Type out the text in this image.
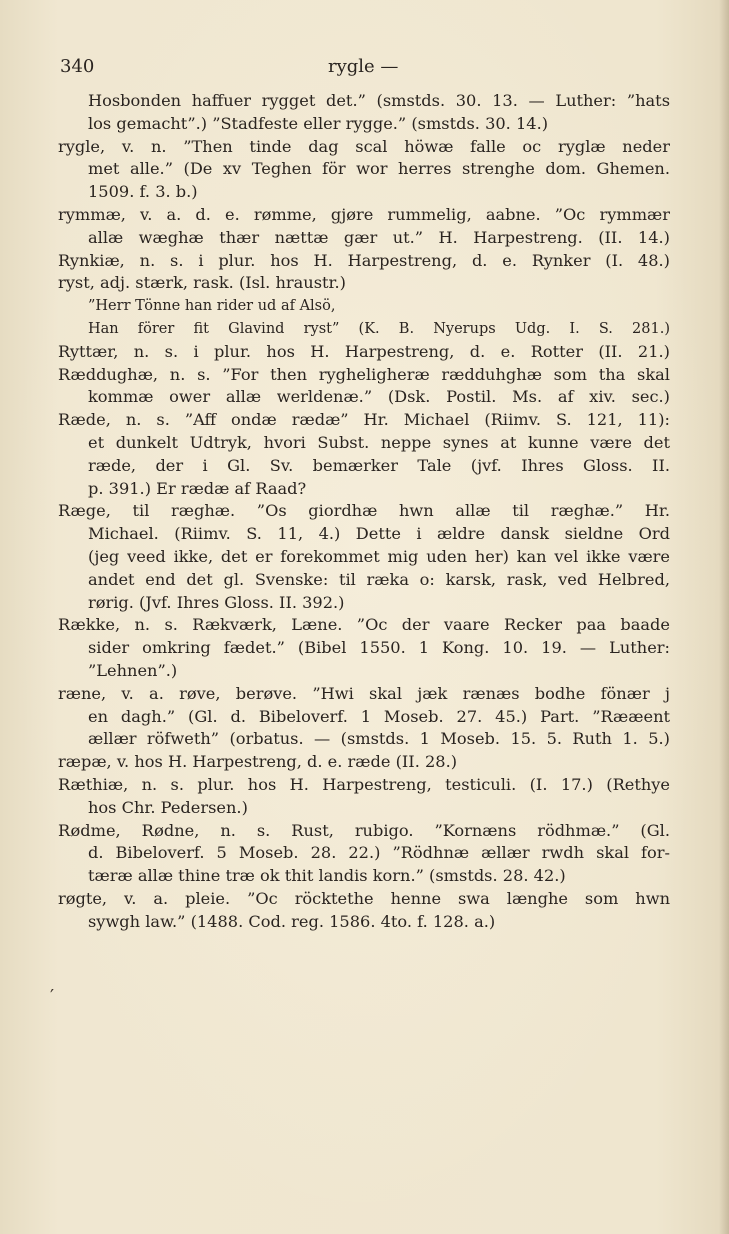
340	rygle —
′
Hosbonden haffuer rygget det.” (smstds. 30. 13. — Luther: ”hats
los gemacht”.) ”Stadfeste eller rygge.” (smstds. 30. 14.)
rygle, v. n. ”Then tinde dag scal höwæ falle oc ryglæ neder
met alle.” (De xv Teghen för wor herres strenghe dom. Ghemen.
1509. f. 3. b.)
rymmæ, v. a. d. e. rømme, gjøre rummelig, aabne. ”Oc rymmær
allæ wæghæ thær nættæ gær ut.” H. Harpestreng. (II. 14.)
Rynkiæ, n. s. i plur. hos H. Harpestreng, d. e. Rynker (I. 48.)
ryst, adj. stærk, rask. (Isl. hraustr.)
”Herr Tönne han rider ud af Alsö,
Han förer fit Glavind ryst” (K. B. Nyerups Udg. I. S. 281.)
Ryttær, n. s. i plur. hos H. Harpestreng, d. e. Rotter (II. 21.)
Ræddughæ, n. s. ”For then rygheligheræ rædduhghæ som tha skal
kommæ ower allæ werldenæ.” (Dsk. Postil. Ms. af xiv. sec.)
Ræde, n. s. ”Aff ondæ rædæ” Hr. Michael (Riimv. S. 121, 11):
et dunkelt Udtryk, hvori Subst. neppe synes at kunne være det
ræde, der i Gl. Sv. bemærker Tale (jvf. Ihres Gloss. II.
p. 391.) Er rædæ af Raad?
Ræge, til ræghæ. ”Os giordhæ hwn allæ til ræghæ.” Hr.
Michael. (Riimv. S. 11, 4.) Dette i ældre dansk sieldne Ord
(jeg veed ikke, det er forekommet mig uden her) kan vel ikke være
andet end det gl. Svenske: til ræka o: karsk, rask, ved Helbred,
rørig. (Jvf. Ihres Gloss. II. 392.)
Række, n. s. Rækværk, Læne. ”Oc der vaare Recker paa baade
sider omkring fædet.” (Bibel 1550. 1 Kong. 10. 19. — Luther:
”Lehnen”.)
ræne, v. a. røve, berøve. ”Hwi skal jæk rænæs bodhe fönær j
en dagh.” (Gl. d. Bibeloverf. 1 Mosеb. 27. 45.) Part. ”Rææent
ællær röfweth” (orbatus. — (smstds. 1 Moseb. 15. 5. Ruth 1. 5.)
ræpæ, v. hos H. Harpestreng, d. e. ræde (II. 28.)
Ræthiæ, n. s. plur. hos H. Harpestreng, testiculi. (I. 17.) (Rethye
hos Chr. Pedersen.)
Rødme, Rødne, n. s. Rust, rubigo. ”Kornæns rödhmæ.” (Gl.
d. Bibeloverf. 5 Moseb. 28. 22.) ”Rödhnæ ællær rwdh skal for-
tæræ allæ thine træ ok thit landis korn.” (smstds. 28. 42.)
røgte, v. a. pleie. ”Oc röcktethe henne swa længhe som hwn
sywgh law.” (1488. Cod. reg. 1586. 4to. f. 128. a.)
